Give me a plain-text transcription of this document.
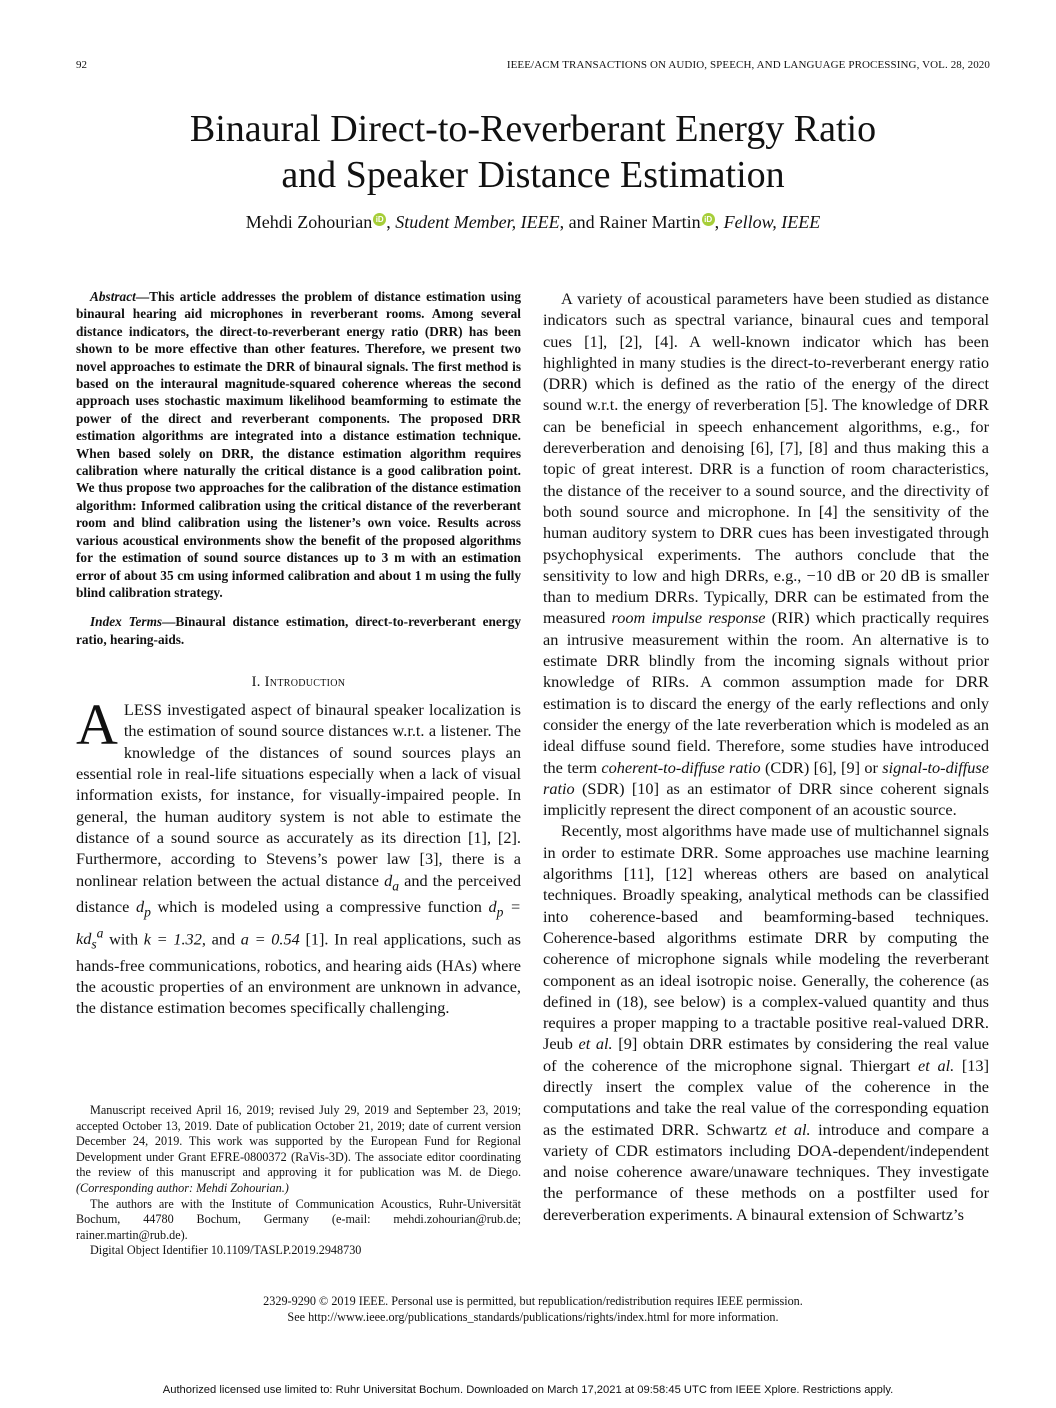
92	IEEE/ACM TRANSACTIONS ON AUDIO, SPEECH, AND LANGUAGE PROCESSING, VOL. 28, 2020
Binaural Direct-to-Reverberant Energy Ratio
and Speaker Distance Estimation
Mehdi Zohourian iD , Student Member, IEEE, and Rainer Martin iD , Fellow, IEEE

Abstract—This article addresses the problem of distance estimation using binaural hearing aid microphones in reverberant rooms. Among several distance indicators, the direct-to-reverberant energy ratio (DRR) has been shown to be more effective than other features. Therefore, we present two novel approaches to estimate the DRR of binaural signals. The first method is based on the interaural magnitude-squared coherence whereas the second approach uses stochastic maximum likelihood beamforming to estimate the power of the direct and reverberant components. The proposed DRR estimation algorithms are integrated into a distance estimation technique. When based solely on DRR, the distance estimation algorithm requires calibration where naturally the critical distance is a good calibration point. We thus propose two approaches for the calibration of the distance estimation algorithm: Informed calibration using the critical distance of the reverberant room and blind calibration using the listener’s own voice. Results across various acoustical environments show the benefit of the proposed algorithms for the estimation of sound source distances up to 3 m with an estimation error of about 35 cm using informed calibration and about 1 m using the fully blind calibration strategy.

Index Terms—Binaural distance estimation, direct-to-reverberant energy ratio, hearing-aids.

I. Introduction

ALESS investigated aspect of binaural speaker localization is the estimation of sound source distances w.r.t. a listener. The knowledge of the distances of sound sources plays an essential role in real-life situations especially when a lack of visual information exists, for instance, for visually-impaired people. In general, the human auditory system is not able to estimate the distance of a sound source as accurately as its direction [1], [2]. Furthermore, according to Stevens’s power law [3], there is a nonlinear relation between the actual distance $d_a$ and the perceived distance $d_p$ which is modeled using a compressive function $d_p = kd_s^a$ with k = 1.32, and a = 0.54 [1]. In real applications, such as hands-free communications, robotics, and hearing aids (HAs) where the acoustic properties of an environment are unknown in advance, the distance estimation becomes specifically challenging.

Manuscript received April 16, 2019; revised July 29, 2019 and September 23, 2019; accepted October 13, 2019. Date of publication October 21, 2019; date of current version December 24, 2019. This work was supported by the European Fund for Regional Development under Grant EFRE-0800372 (RaVis-3D). The associate editor coordinating the review of this manuscript and approving it for publication was M. de Diego. (Corresponding author: Mehdi Zohourian.)

The authors are with the Institute of Communication Acoustics, Ruhr-Universität Bochum, 44780 Bochum, Germany (e-mail: mehdi.zohourian@rub.de; rainer.martin@rub.de).

Digital Object Identifier 10.1109/TASLP.2019.2948730

A variety of acoustical parameters have been studied as distance indicators such as spectral variance, binaural cues and temporal cues [1], [2], [4]. A well-known indicator which has been highlighted in many studies is the direct-to-reverberant energy ratio (DRR) which is defined as the ratio of the energy of the direct sound w.r.t. the energy of reverberation [5]. The knowledge of DRR can be beneficial in speech enhancement algorithms, e.g., for dereverberation and denoising [6], [7], [8] and thus making this a topic of great interest. DRR is a function of room characteristics, the distance of the receiver to a sound source, and the directivity of both sound source and microphone. In [4] the sensitivity of the human auditory system to DRR cues has been investigated through psychophysical experiments. The authors conclude that the sensitivity to low and high DRRs, e.g., −10 dB or 20 dB is smaller than to medium DRRs. Typically, DRR can be estimated from the measured room impulse response (RIR) which practically requires an intrusive measurement within the room. An alternative is to estimate DRR blindly from the incoming signals without prior knowledge of RIRs. A common assumption made for DRR estimation is to discard the energy of the early reflections and only consider the energy of the late reverberation which is modeled as an ideal diffuse sound field. Therefore, some studies have introduced the term coherent-to-diffuse ratio (CDR) [6], [9] or signal-to-diffuse ratio (SDR) [10] as an estimator of DRR since coherent signals implicitly represent the direct component of an acoustic source.

Recently, most algorithms have made use of multichannel signals in order to estimate DRR. Some approaches use machine learning algorithms [11], [12] whereas others are based on analytical techniques. Broadly speaking, analytical methods can be classified into coherence-based and beamforming-based techniques. Coherence-based algorithms estimate DRR by computing the coherence of microphone signals while modeling the reverberant component as an ideal isotropic noise. Generally, the coherence (as defined in (18), see below) is a complex-valued quantity and thus requires a proper mapping to a tractable positive real-valued DRR. Jeub et al. [9] obtain DRR estimates by considering the real value of the coherence of the microphone signal. Thiergart et al. [13] directly insert the complex value of the coherence in the computations and take the real value of the corresponding equation as the estimated DRR. Schwartz et al. introduce and compare a variety of CDR estimators including DOA-dependent/independent and noise coherence aware/unaware techniques. They investigate the performance of these methods on a postfilter used for dereverberation experiments. A binaural extension of Schwartz’s

2329-9290 © 2019 IEEE. Personal use is permitted, but republication/redistribution requires IEEE permission.
See http://www.ieee.org/publications_standards/publications/rights/index.html for more information.
Authorized licensed use limited to: Ruhr Universitat Bochum. Downloaded on March 17,2021 at 09:58:45 UTC from IEEE Xplore. Restrictions apply.
